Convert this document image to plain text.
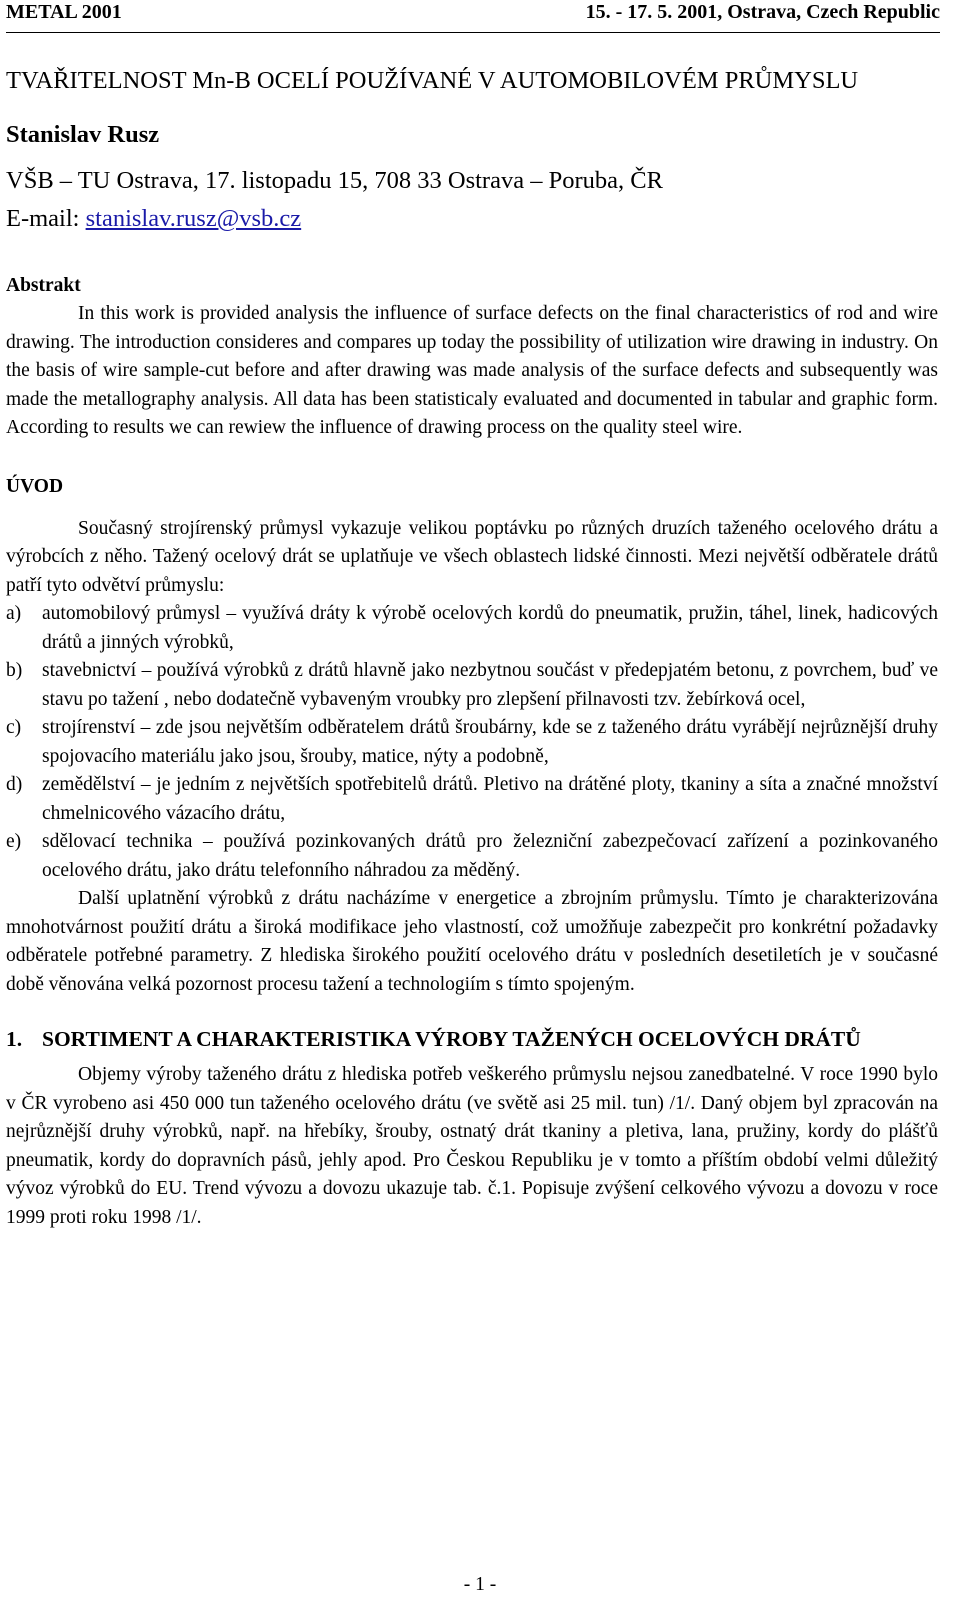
METAL 2001	15. - 17. 5. 2001, Ostrava, Czech Republic
TVAŘITELNOST Mn-B OCELÍ POUŽÍVANÉ V AUTOMOBILOVÉM PRŮMYSLU

Stanislav Rusz

VŠB – TU Ostrava, 17. listopadu 15, 708 33 Ostrava – Poruba, ČR

E-mail: stanislav.rusz@vsb.cz

Abstrakt

In this work is provided analysis the influence of surface defects on the final characteristics of rod and wire drawing. The introduction consideres and compares up today the possibility of utilization wire drawing in industry. On the basis of wire sample-cut before and after drawing was made analysis of the surface defects and subsequently was made the metallography analysis. All data has been statisticaly evaluated and documented in tabular and graphic form. According to results we can rewiew the influence of drawing process on the quality steel wire.

ÚVOD

Současný strojírenský průmysl vykazuje velikou poptávku po různých druzích taženého ocelového drátu a výrobcích z něho. Tažený ocelový drát se uplatňuje ve všech oblastech lidské činnosti. Mezi největší odběratele drátů patří tyto odvětví průmyslu:

a) automobilový průmysl – využívá dráty k výrobě ocelových kordů do pneumatik, pružin, táhel, linek, hadicových drátů a jinných výrobků,
b) stavebnictví – používá výrobků z drátů hlavně jako nezbytnou součást v předepjatém betonu, z povrchem, buď ve stavu po tažení , nebo dodatečně vybaveným vroubky pro zlepšení přilnavosti tzv. žebírková ocel,
c) strojírenství – zde jsou největším odběratelem drátů šroubárny, kde se z taženého drátu vyrábějí nejrůznější druhy spojovacího materiálu jako jsou, šrouby, matice, nýty a podobně,
d) zemědělství – je jedním z největších spotřebitelů drátů. Pletivo na drátěné ploty, tkaniny a síta a značné množství chmelnicového vázacího drátu,
e) sdělovací technika – používá pozinkovaných drátů pro železniční zabezpečovací zařízení a pozinkovaného ocelového drátu, jako drátu telefonního náhradou za měděný.

Další uplatnění výrobků z drátu nacházíme v energetice a zbrojním průmyslu. Tímto je charakterizována mnohotvárnost použití drátu a široká modifikace jeho vlastností, což umožňuje zabezpečit pro konkrétní požadavky odběratele potřebné parametry. Z hlediska širokého použití ocelového drátu v posledních desetiletích je v současné době věnována velká pozornost procesu tažení a technologiím s tímto spojeným.

1. SORTIMENT A CHARAKTERISTIKA VÝROBY TAŽENÝCH OCELOVÝCH DRÁTŮ

Objemy výroby taženého drátu z hlediska potřeb veškerého průmyslu nejsou zanedbatelné. V roce 1990 bylo v ČR vyrobeno asi 450 000 tun taženého ocelového drátu (ve světě asi 25 mil. tun) /1/. Daný objem byl zpracován na nejrůznější druhy výrobků, např. na hřebíky, šrouby, ostnatý drát tkaniny a pletiva, lana, pružiny, kordy do plášťů pneumatik, kordy do dopravních pásů, jehly apod. Pro Českou Republiku je v tomto a příštím období velmi důležitý vývoz výrobků do EU. Trend vývozu a dovozu ukazuje tab. č.1. Popisuje zvýšení celkového vývozu a dovozu v roce 1999 proti roku 1998 /1/.

- 1 -
